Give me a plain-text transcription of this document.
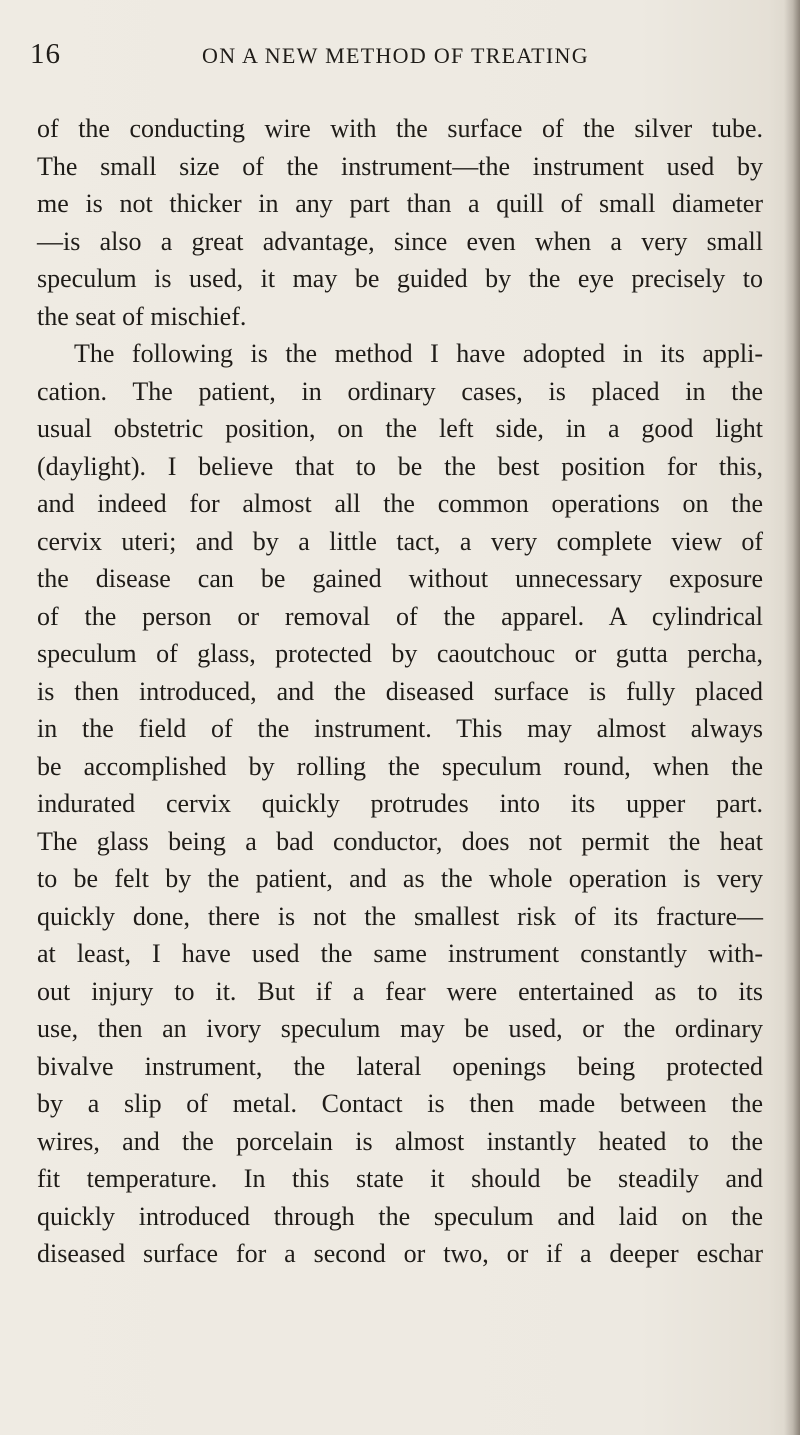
16	ON A NEW METHOD OF TREATING
of the conducting wire with the surface of the silver tube.
The small size of the instrument—the instrument used by
me is not thicker in any part than a quill of small diameter
—is also a great advantage, since even when a very small
speculum is used, it may be guided by the eye precisely to
the seat of mischief.
The following is the method I have adopted in its appli-
cation. The patient, in ordinary cases, is placed in the
usual obstetric position, on the left side, in a good light
(daylight). I believe that to be the best position for this,
and indeed for almost all the common operations on the
cervix uteri; and by a little tact, a very complete view of
the disease can be gained without unnecessary exposure
of the person or removal of the apparel. A cylindrical
speculum of glass, protected by caoutchouc or gutta percha,
is then introduced, and the diseased surface is fully placed
in the field of the instrument. This may almost always
be accomplished by rolling the speculum round, when the
indurated cervix quickly protrudes into its upper part.
The glass being a bad conductor, does not permit the heat
to be felt by the patient, and as the whole operation is very
quickly done, there is not the smallest risk of its fracture—
at least, I have used the same instrument constantly with-
out injury to it. But if a fear were entertained as to its
use, then an ivory speculum may be used, or the ordinary
bivalve instrument, the lateral openings being protected
by a slip of metal. Contact is then made between the
wires, and the porcelain is almost instantly heated to the
fit temperature. In this state it should be steadily and
quickly introduced through the speculum and laid on the
diseased surface for a second or two, or if a deeper eschar
